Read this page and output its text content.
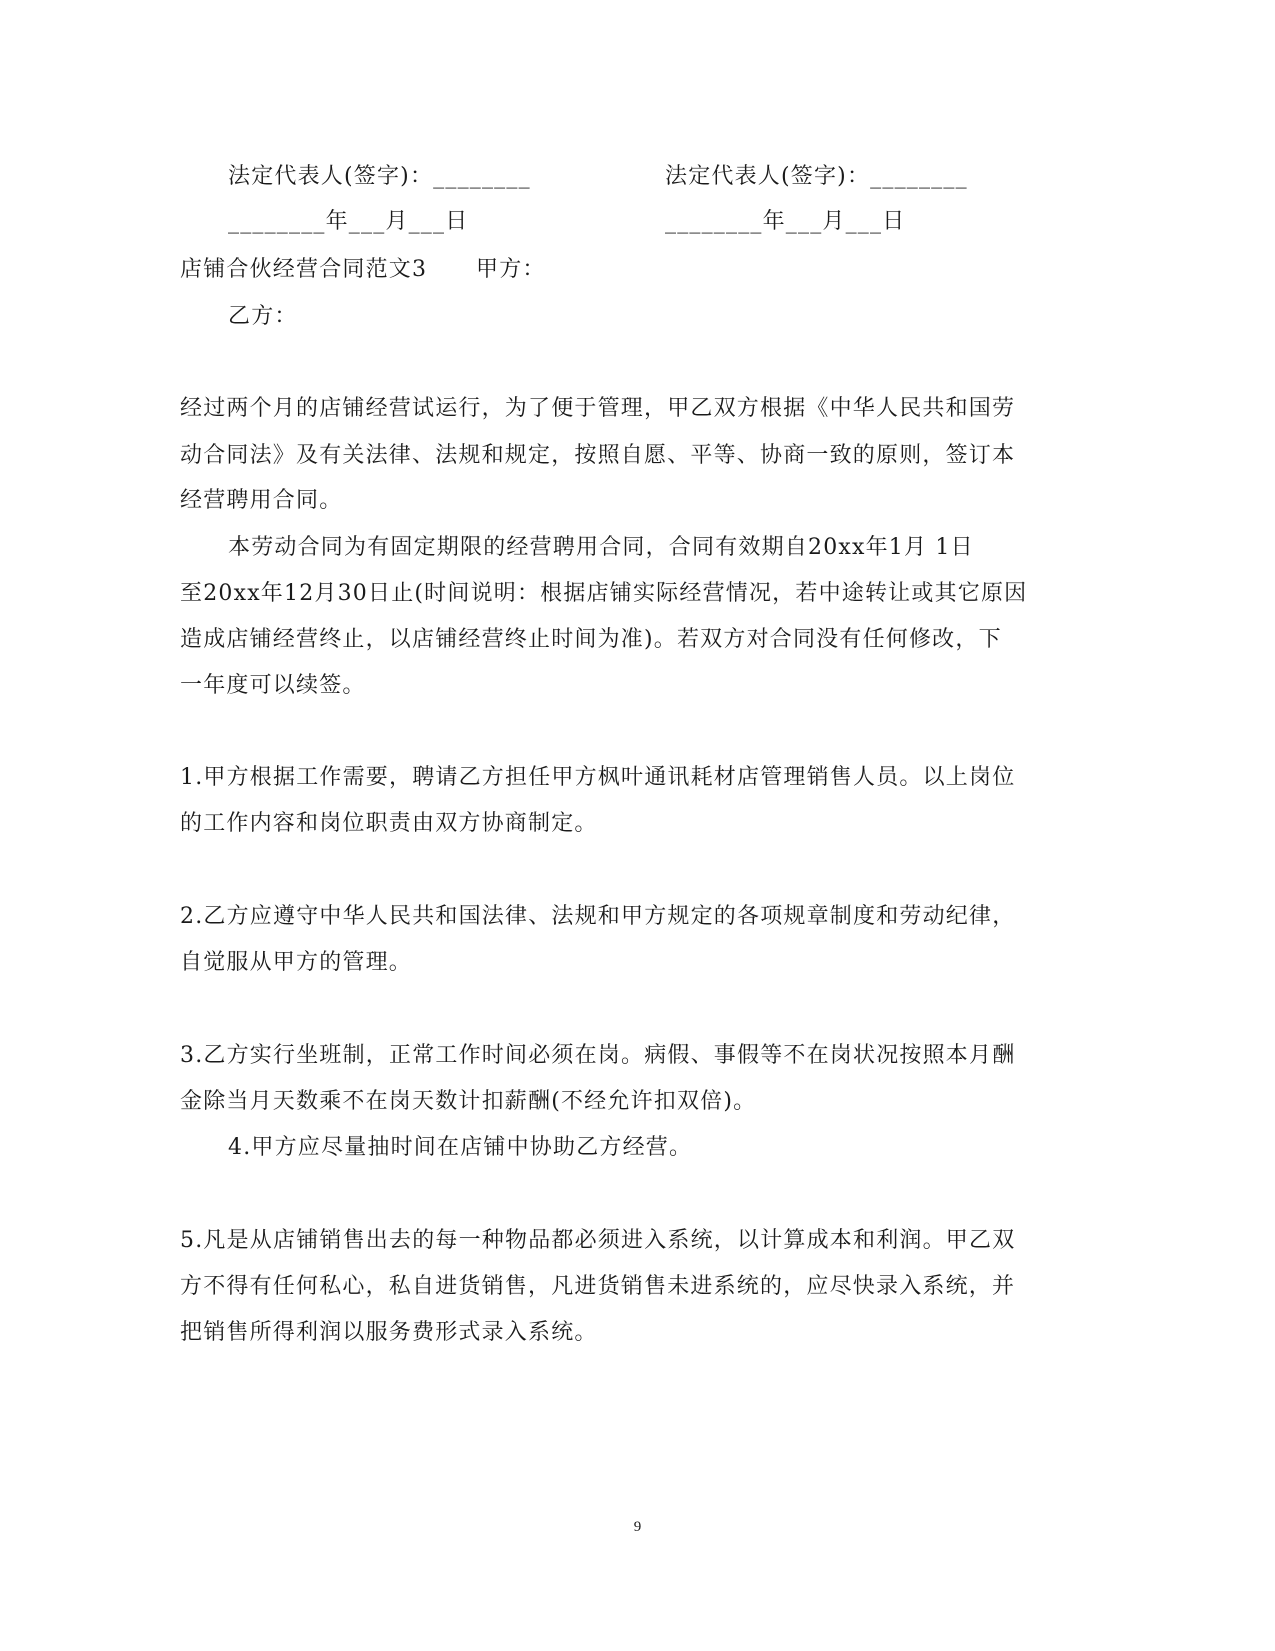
法定代表人(签字)：________	法定代表人(签字)：________

________年___月___日	________年___月___日

店铺合伙经营合同范文3 甲方：

乙方：

经过两个月的店铺经营试运行，为了便于管理，甲乙双方根据《中华人民共和国劳

动合同法》及有关法律、法规和规定，按照自愿、平等、协商一致的原则，签订本

经营聘用合同。

本劳动合同为有固定期限的经营聘用合同，合同有效期自20xx年1月 1日

至20xx年12月30日止(时间说明：根据店铺实际经营情况，若中途转让或其它原因

造成店铺经营终止，以店铺经营终止时间为准)。若双方对合同没有任何修改，下

一年度可以续签。

1.甲方根据工作需要，聘请乙方担任甲方枫叶通讯耗材店管理销售人员。以上岗位

的工作内容和岗位职责由双方协商制定。

2.乙方应遵守中华人民共和国法律、法规和甲方规定的各项规章制度和劳动纪律，

自觉服从甲方的管理。

3.乙方实行坐班制，正常工作时间必须在岗。病假、事假等不在岗状况按照本月酬

金除当月天数乘不在岗天数计扣薪酬(不经允许扣双倍)。

4.甲方应尽量抽时间在店铺中协助乙方经营。

5.凡是从店铺销售出去的每一种物品都必须进入系统，以计算成本和利润。甲乙双

方不得有任何私心，私自进货销售，凡进货销售未进系统的，应尽快录入系统，并

把销售所得利润以服务费形式录入系统。

9
